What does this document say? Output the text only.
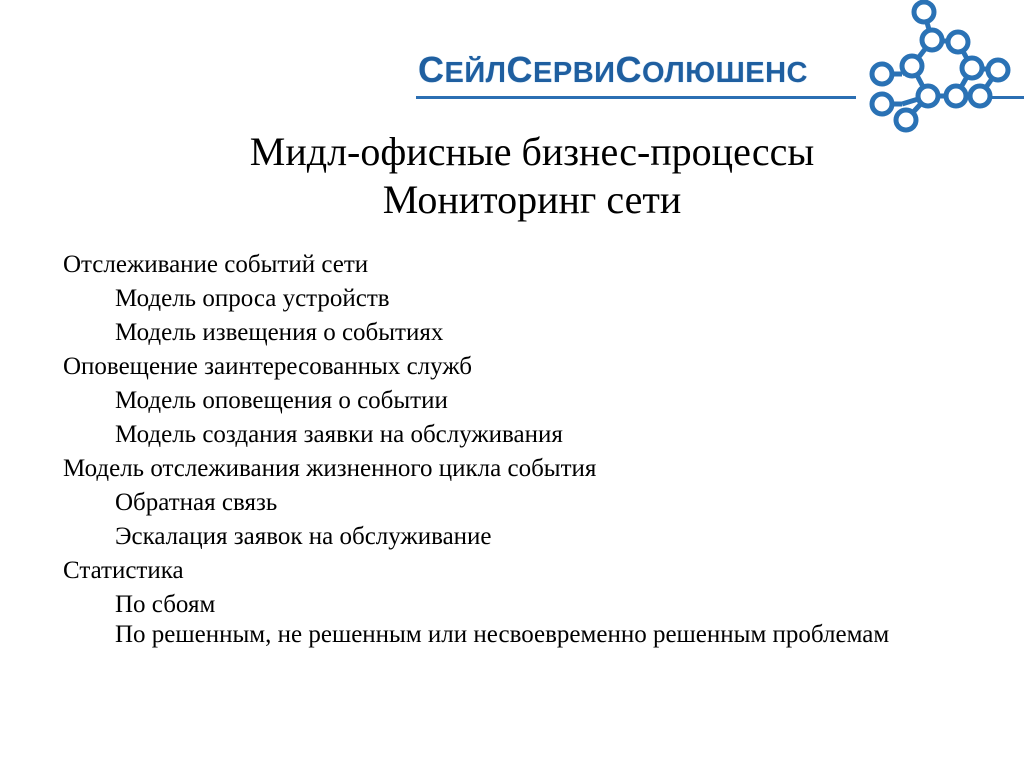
СЕЙЛСЕРВИСОЛЮШЕНС
Мидл-офисные бизнес-процессы
Мониторинг сети
Отслеживание событий сети
Модель опроса устройств
Модель извещения о событиях
Оповещение заинтересованных служб
Модель оповещения о событии
Модель создания заявки на обслуживания
Модель отслеживания жизненного цикла события
Обратная связь
Эскалация заявок на обслуживание
Статистика
По сбоям
По решенным, не решенным или несвоевременно решенным проблемам
